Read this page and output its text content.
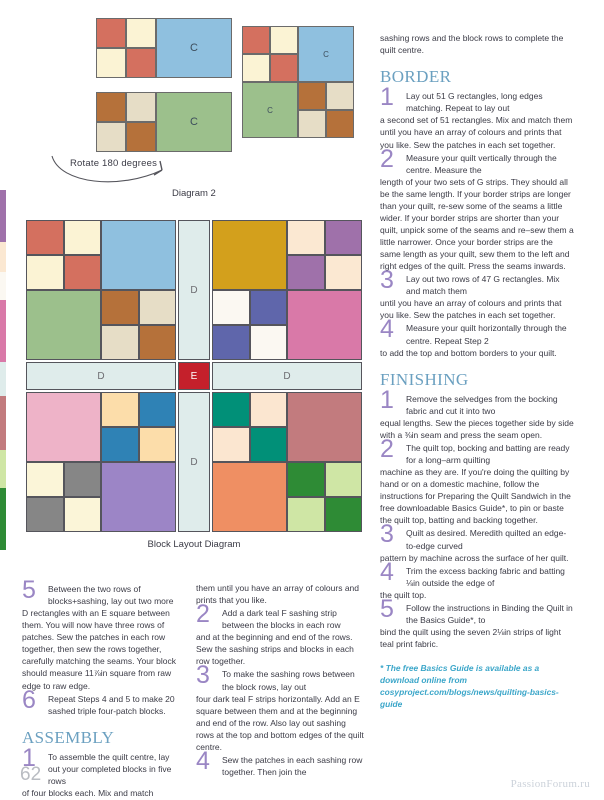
C
C
C
C
Rotate 180 degrees
Diagram 2
D
D	E	D
D
Block Layout Diagram
5 Between the two rows of blocks+sashing, lay out two more
D rectangles with an E square between them. You will now have three rows of patches. Sew the patches in each row together, then sew the rows together, carefully matching the seams. Your block should measure 11⅞in square from raw edge to raw edge.
6 Repeat Steps 4 and 5 to make 20 sashed triple four-patch blocks.
ASSEMBLY
1 To assemble the quilt centre, lay out your completed blocks in five rows
of four blocks each. Mix and match

them until you have an array of colours and prints that you like.

2 Add a dark teal F sashing strip between the blocks in each row
and at the beginning and end of the rows. Sew the sashing strips and blocks in each row together.
3 To make the sashing rows between the block rows, lay out
four dark teal F strips horizontally. Add an E square between them and at the beginning and end of the row. Also lay out sashing rows at the top and bottom edges of the quilt centre.
4 Sew the patches in each sashing row together. Then join the

sashing rows and the block rows to complete the quilt centre.

BORDER
1 Lay out 51 G rectangles, long edges matching. Repeat to lay out
a second set of 51 rectangles. Mix and match them until you have an array of colours and prints that you like. Sew the patches in each set together.
2 Measure your quilt vertically through the centre. Measure the
length of your two sets of G strips. They should all be the same length. If your border strips are longer than your quilt, re-sew some of the seams a little wider. If your border strips are shorter than your quilt, unpick some of the seams and re–sew them a little narrower. Once your border strips are the same length as your quilt, sew them to the left and right edges of the quilt. Press the seams inwards.
3 Lay out two rows of 47 G rectangles. Mix and match them
until you have an array of colours and prints that you like. Sew the patches in each set together.
4 Measure your quilt horizontally through the centre. Repeat Step 2
to add the top and bottom borders to your quilt.
FINISHING
1 Remove the selvedges from the bocking fabric and cut it into two
equal lengths. Sew the pieces together side by side with a ⅜in seam and press the seam open.
2 The quilt top, bocking and batting are ready for a long–arm quilting
machine as they are. If you're doing the quilting by hand or on a domestic machine, follow the instructions for Preparing the Quilt Sandwich in the free downloadable Basics Guide*, to pin or baste the quilt top, batting and backing together.
3 Quilt as desired. Meredith quilted an edge-to-edge curved
pattern by machine across the surface of her quilt.
4 Trim the excess backing fabric and batting ⅛in outside the edge of
the quilt top.
5 Follow the instructions in Binding the Quilt in the Basics Guide*, to
bind the quilt using the seven 2⅛in strips of light teal print fabric.
* The free Basics Guide is available as a download online from cosyproject.com/blogs/news/quilting-basics-guide
62	PassionForum.ru
